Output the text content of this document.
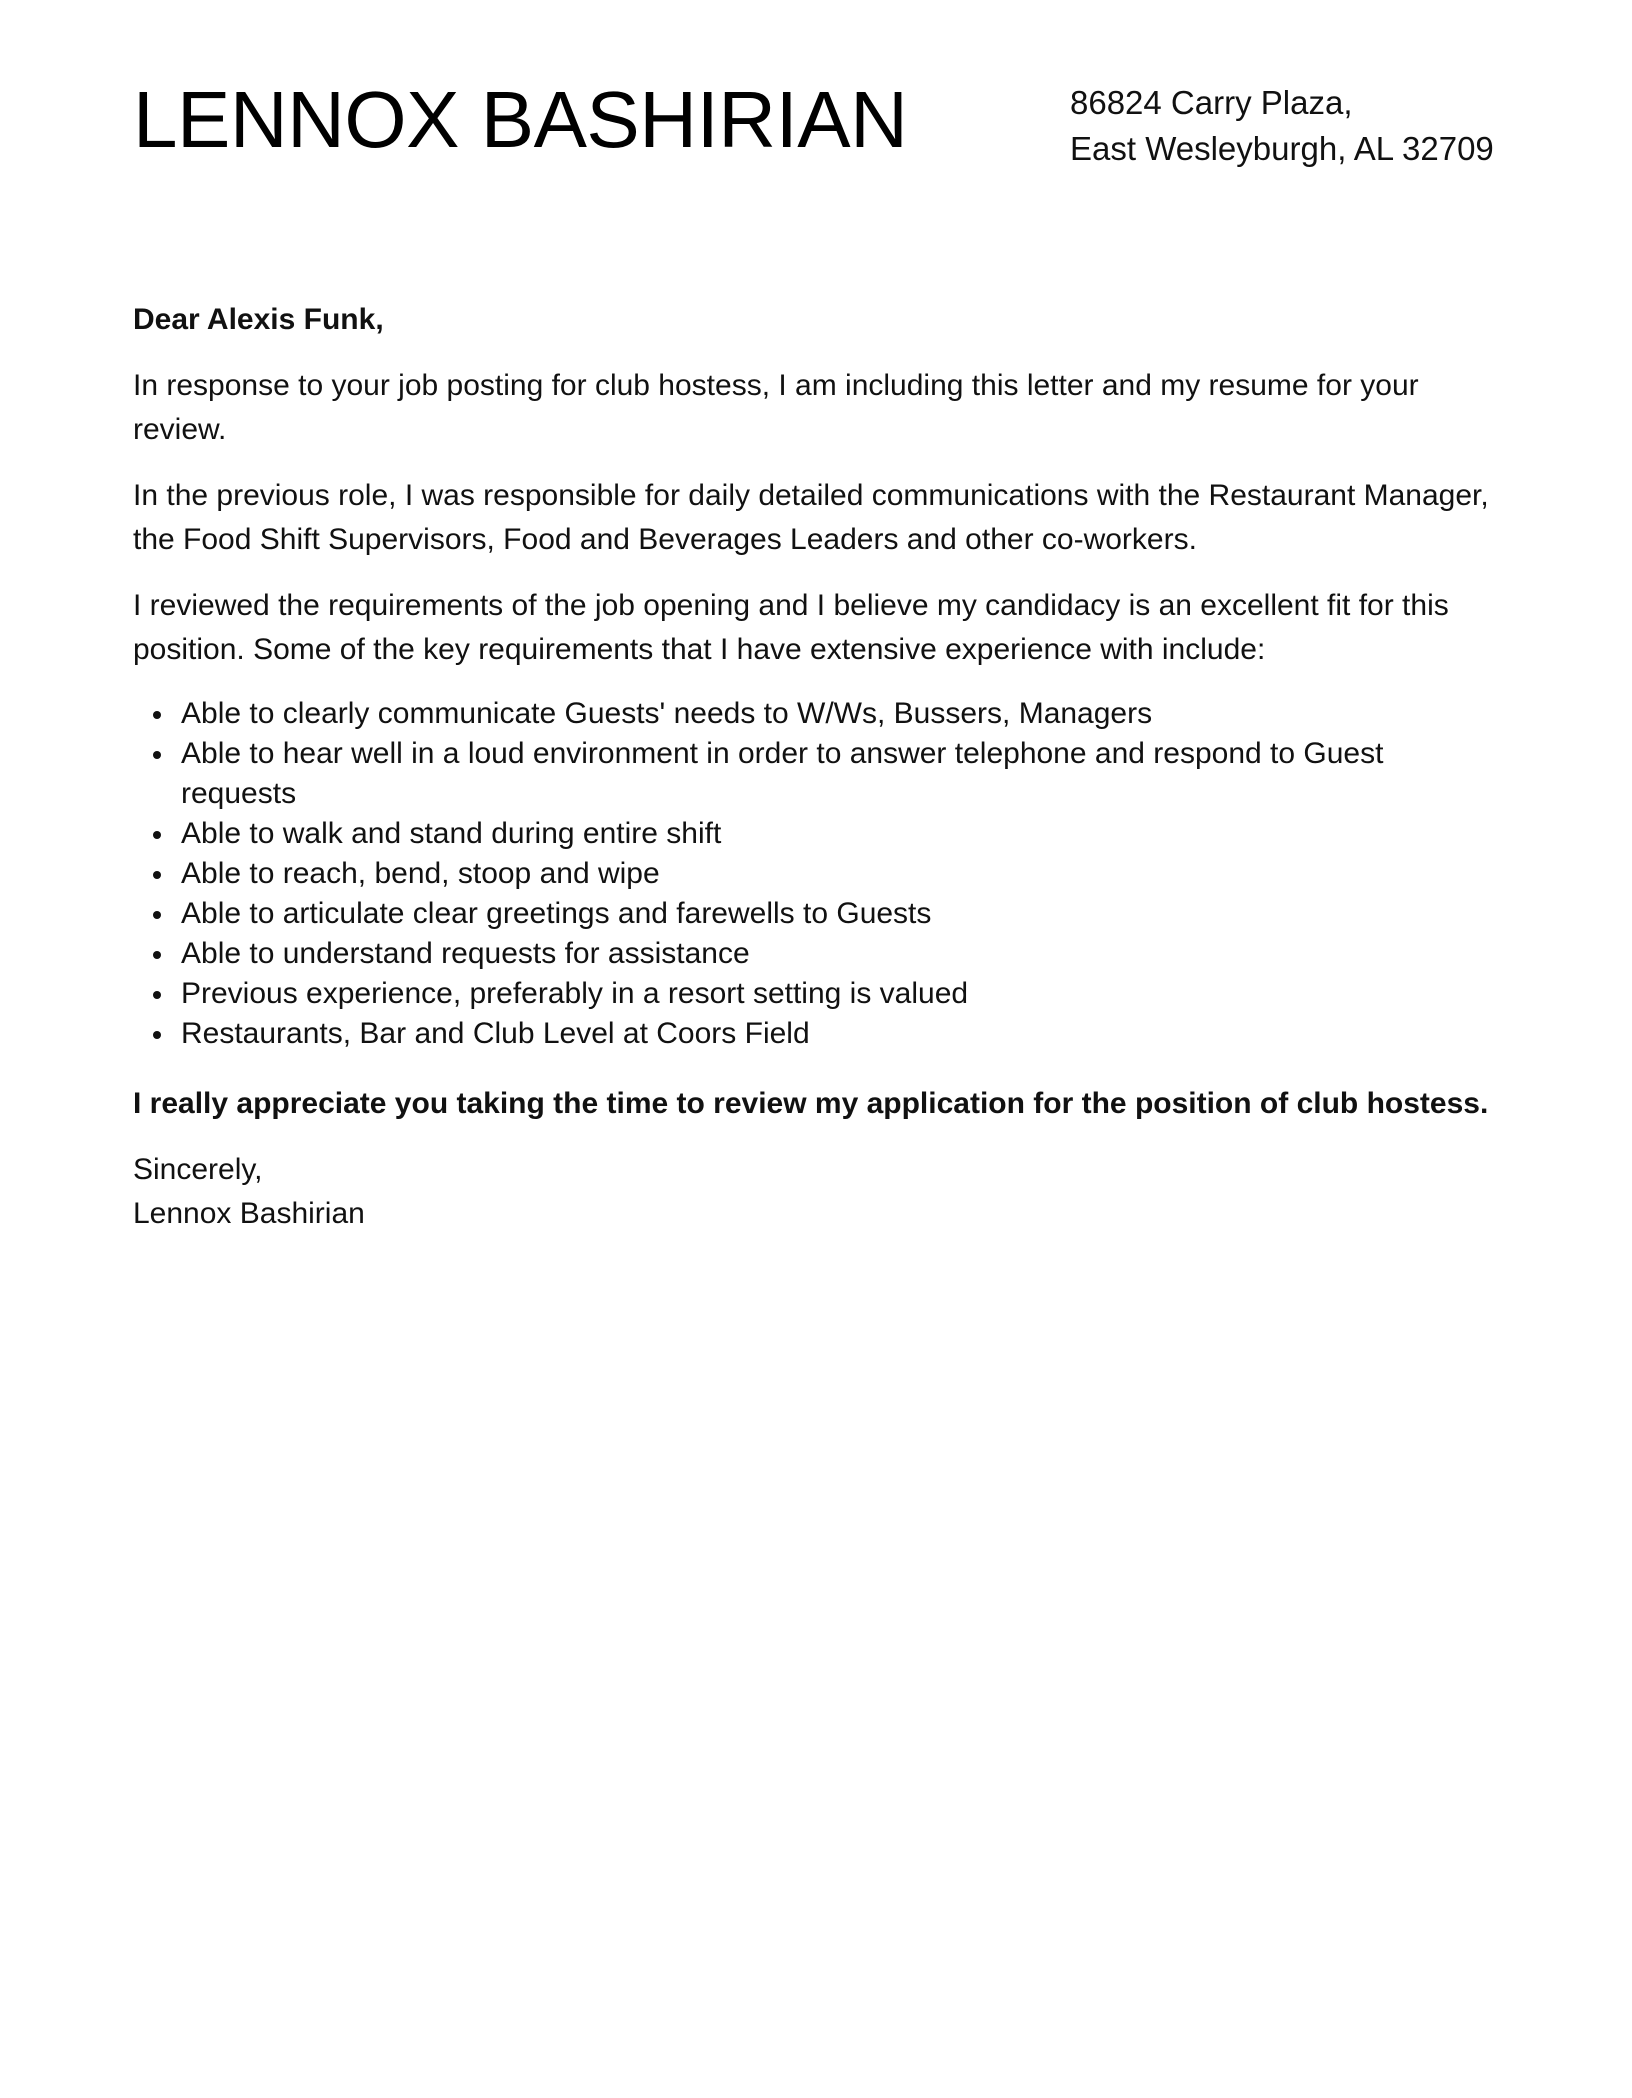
LENNOX BASHIRIAN	86824 Carry Plaza,
East Wesleyburgh, AL 32709

Dear Alexis Funk,

In response to your job posting for club hostess, I am including this letter and my resume for your review.

In the previous role, I was responsible for daily detailed communications with the Restaurant Manager, the Food Shift Supervisors, Food and Beverages Leaders and other co-workers.

I reviewed the requirements of the job opening and I believe my candidacy is an excellent fit for this position. Some of the key requirements that I have extensive experience with include:

Able to clearly communicate Guests' needs to W/Ws, Bussers, Managers
Able to hear well in a loud environment in order to answer telephone and respond to Guest requests
Able to walk and stand during entire shift
Able to reach, bend, stoop and wipe
Able to articulate clear greetings and farewells to Guests
Able to understand requests for assistance
Previous experience, preferably in a resort setting is valued
Restaurants, Bar and Club Level at Coors Field

I really appreciate you taking the time to review my application for the position of club hostess.

Sincerely,
Lennox Bashirian
